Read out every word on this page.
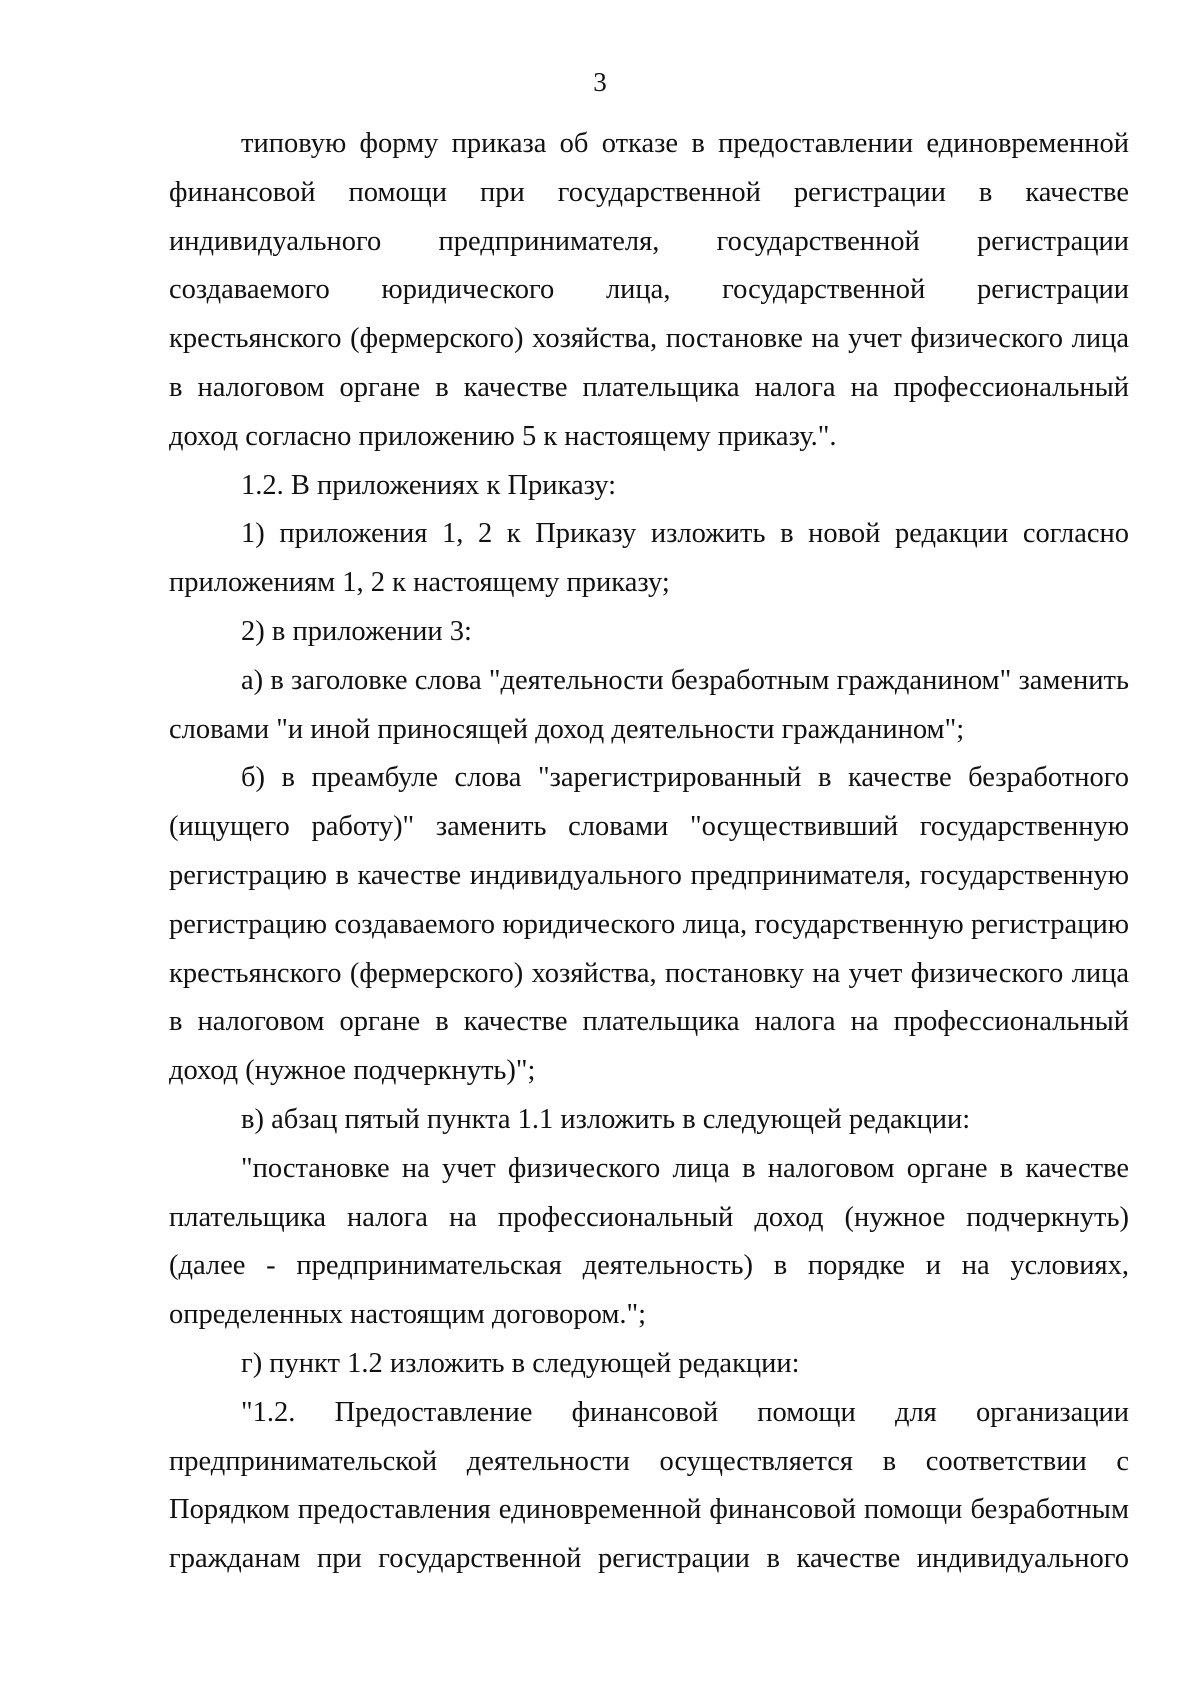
3

типовую форму приказа об отказе в предоставлении единовременной финансовой помощи при государственной регистрации в качестве индивидуального предпринимателя, государственной регистрации создаваемого юридического лица, государственной регистрации крестьянского (фермерского) хозяйства, постановке на учет физического лица в налоговом органе в качестве плательщика налога на профессиональный доход согласно приложению 5 к настоящему приказу.".

1.2. В приложениях к Приказу:

1) приложения 1, 2 к Приказу изложить в новой редакции согласно приложениям 1, 2 к настоящему приказу;

2) в приложении 3:

а) в заголовке слова "деятельности безработным гражданином" заменить словами "и иной приносящей доход деятельности гражданином";

б) в преамбуле слова "зарегистрированный в качестве безработного (ищущего работу)" заменить словами "осуществивший государственную регистрацию в качестве индивидуального предпринимателя, государственную регистрацию создаваемого юридического лица, государственную регистрацию крестьянского (фермерского) хозяйства, постановку на учет физического лица в налоговом органе в качестве плательщика налога на профессиональный доход (нужное подчеркнуть)";

в) абзац пятый пункта 1.1 изложить в следующей редакции:

"постановке на учет физического лица в налоговом органе в качестве плательщика налога на профессиональный доход (нужное подчеркнуть) (далее - предпринимательская деятельность) в порядке и на условиях, определенных настоящим договором.";

г) пункт 1.2 изложить в следующей редакции:

"1.2. Предоставление финансовой помощи для организации предпринимательской деятельности осуществляется в соответствии с Порядком предоставления единовременной финансовой помощи безработным гражданам при государственной регистрации в качестве индивидуального
